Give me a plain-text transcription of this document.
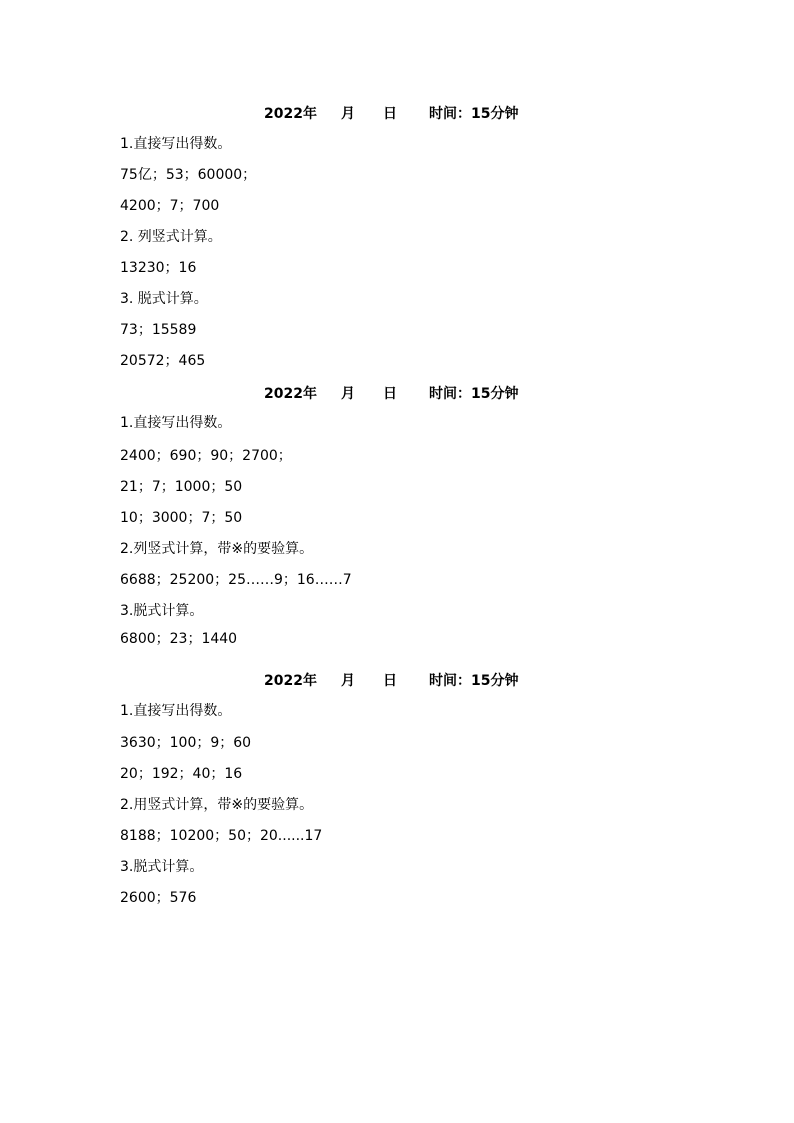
2022年 月 日 时间：15分钟
1.直接写出得数。
75亿；53；60000；
4200；7；700
2. 列竖式计算。
13230；16
3. 脱式计算。
73；15589
20572；465
2022年 月 日 时间：15分钟
1.直接写出得数。
2400；690；90；2700；
21；7；1000；50
10；3000；7；50
2.列竖式计算，带※的要验算。
6688；25200；25……9；16……7
3.脱式计算。
6800；23；1440
2022年 月 日 时间：15分钟
1.直接写出得数。
3630；100；9；60
20；192；40；16
2.用竖式计算，带※的要验算。
8188；10200；50；20......17
3.脱式计算。
2600；576
